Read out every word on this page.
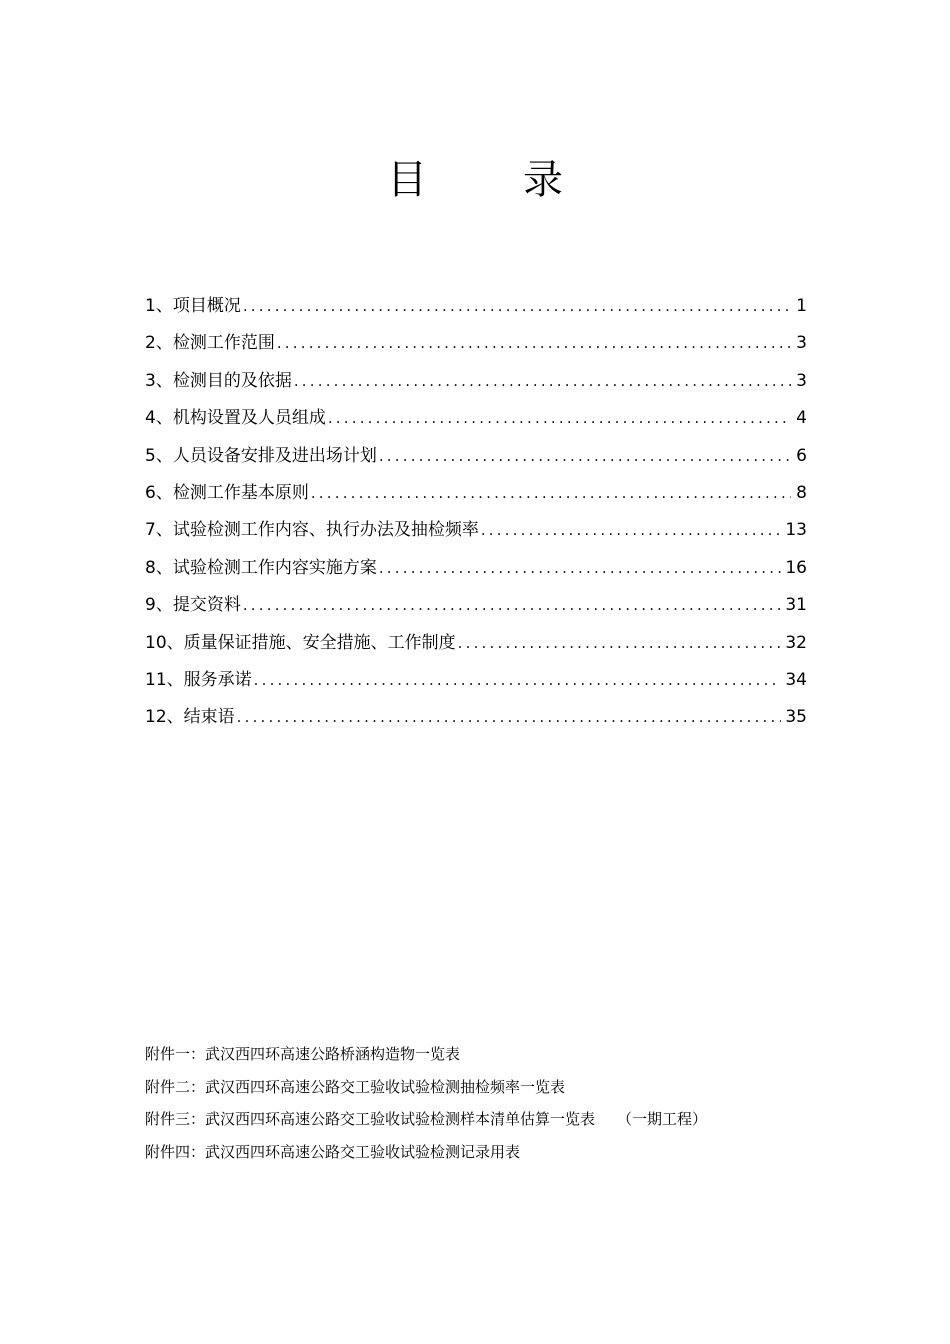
目 录
1、项目概况 .....	1
2、检测工作范围 .....	3
3、检测目的及依据 .....	3
4、机构设置及人员组成 .....	4
5、人员设备安排及进出场计划 .....	6
6、检测工作基本原则 .....	8
7、试验检测工作内容、执行办法及抽检频率 .....	13
8、试验检测工作内容实施方案 .....	16
9、提交资料 .....	31
10、质量保证措施、安全措施、工作制度 .....	32
11、服务承诺 .....	34
12、结束语 .....	35
附件一：武汉西四环高速公路桥涵构造物一览表
附件二：武汉西四环高速公路交工验收试验检测抽检频率一览表
附件三：武汉西四环高速公路交工验收试验检测样本清单估算一览表 （一期工程）
附件四：武汉西四环高速公路交工验收试验检测记录用表
